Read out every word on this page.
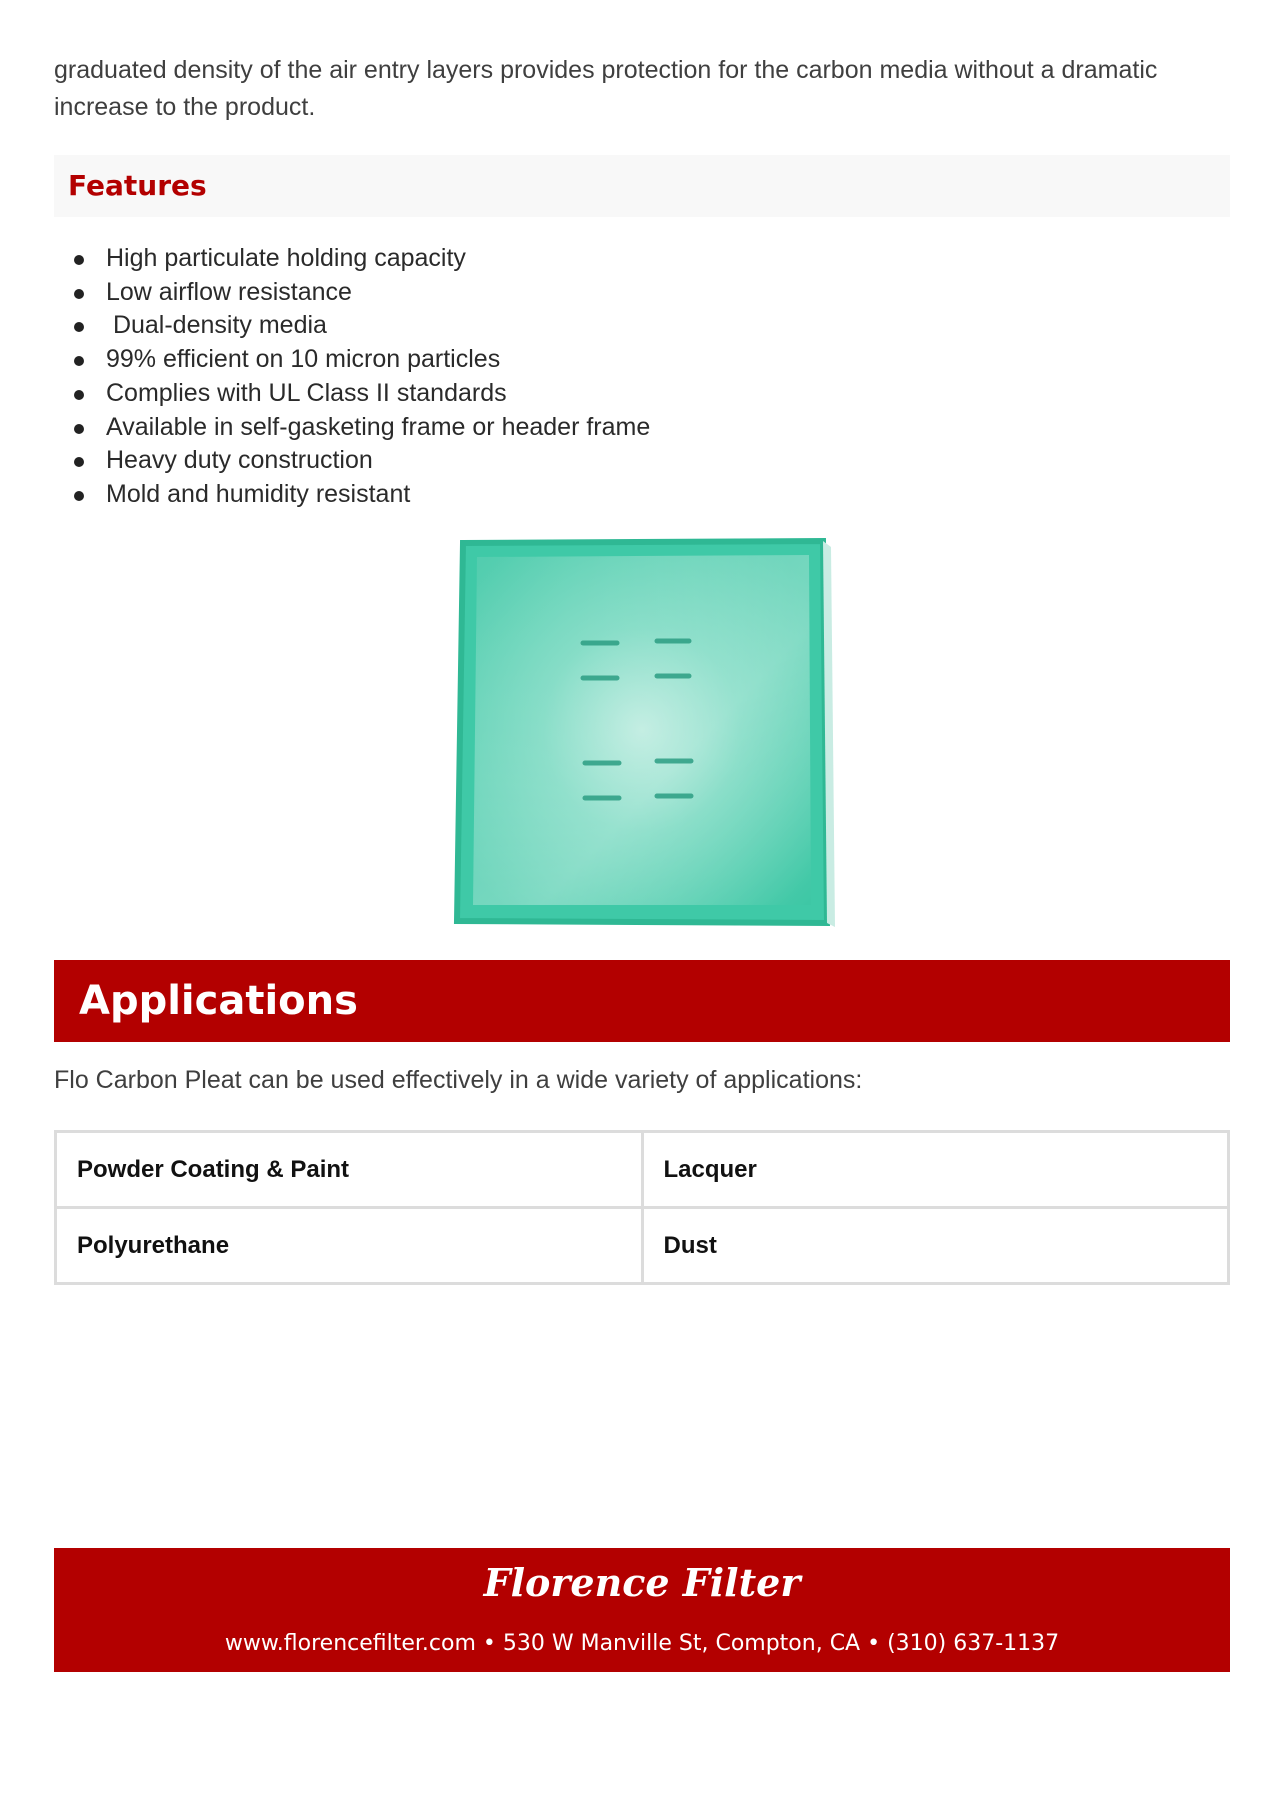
graduated density of the air entry layers provides protection for the carbon media without a dramatic increase to the product.

Features
High particulate holding capacity
Low airflow resistance
Dual-density media
99% efficient on 10 micron particles
Complies with UL Class II standards
Available in self-gasketing frame or header frame
Heavy duty construction
Mold and humidity resistant
Applications

Flo Carbon Pleat can be used effectively in a wide variety of applications:

Powder Coating & Paint	Lacquer
Polyurethane	Dust

Florence Filter

www.florencefilter.com • 530 W Manville St, Compton, CA • (310) 637-1137
